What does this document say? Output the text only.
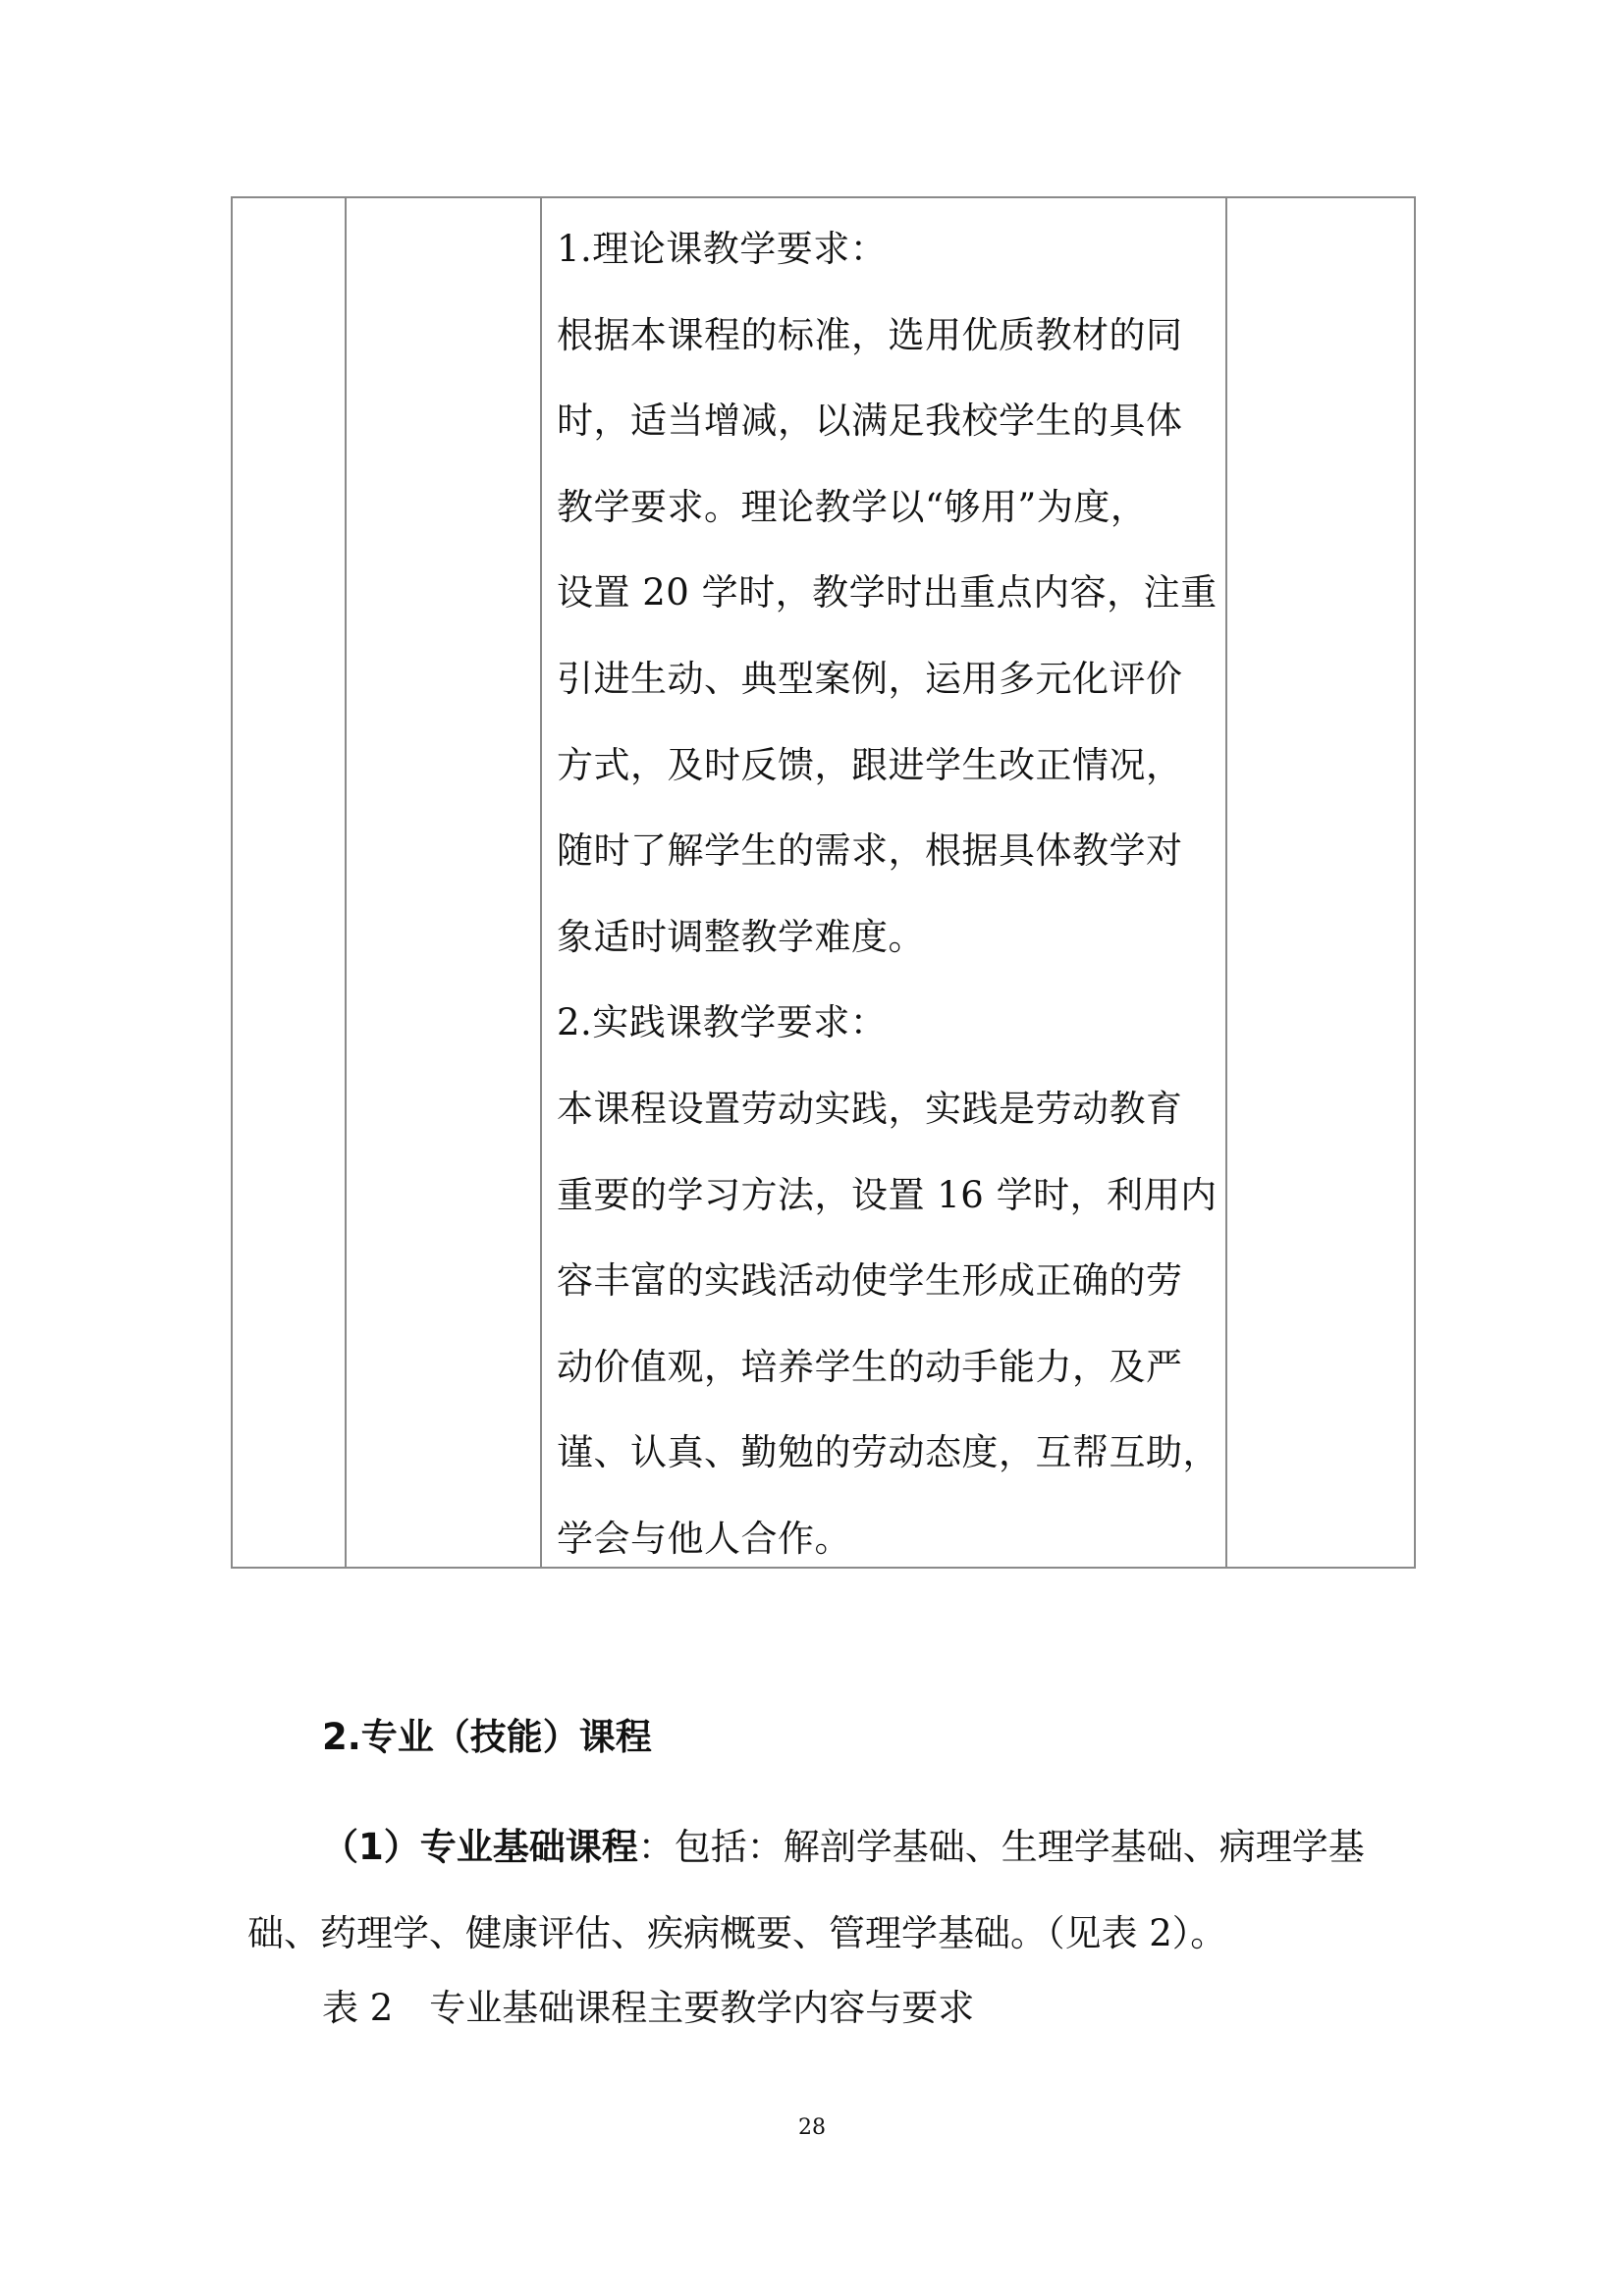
1.理论课教学要求：
根据本课程的标准，选用优质教材的同
时，适当增减，以满足我校学生的具体
教学要求。理论教学以“够用”为度，
设置 20 学时，教学时出重点内容，注重
引进生动、典型案例，运用多元化评价
方式，及时反馈，跟进学生改正情况，
随时了解学生的需求，根据具体教学对
象适时调整教学难度。
2.实践课教学要求：
本课程设置劳动实践，实践是劳动教育
重要的学习方法，设置 16 学时，利用内
容丰富的实践活动使学生形成正确的劳
动价值观，培养学生的动手能力，及严
谨、认真、勤勉的劳动态度，互帮互助，
学会与他人合作。
2.专业（技能）课程
（1）专业基础课程：包括：解剖学基础、生理学基础、病理学基
础、药理学、健康评估、疾病概要、管理学基础。（见表 2）。
表 2　专业基础课程主要教学内容与要求
28
